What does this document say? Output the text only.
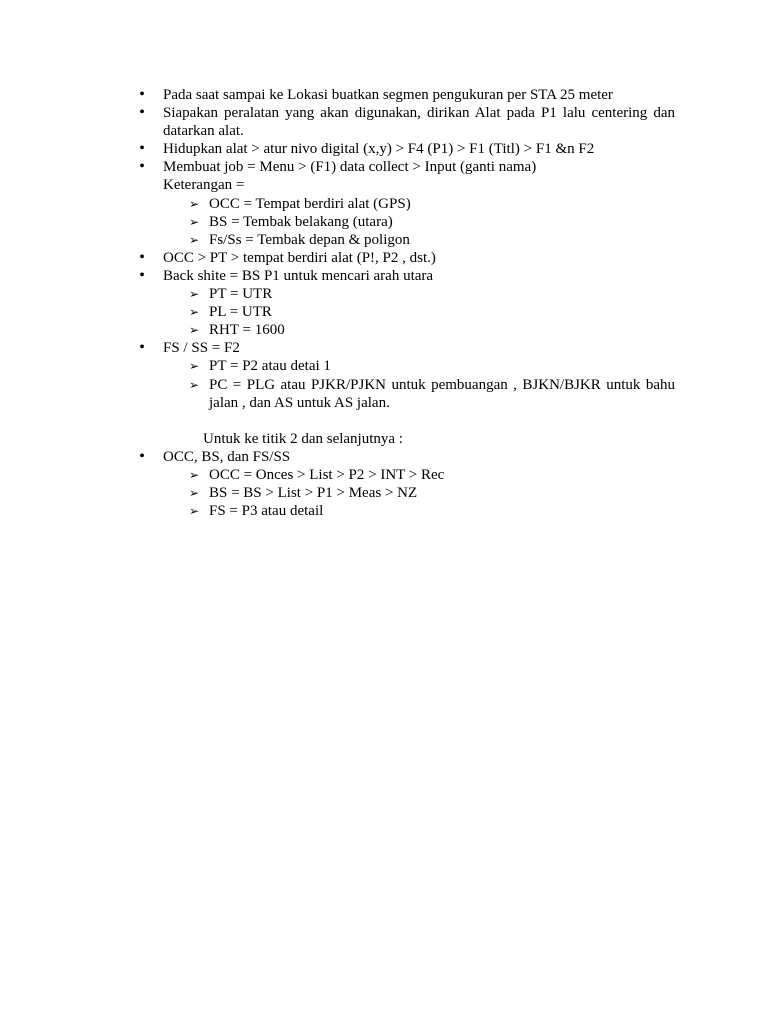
• Pada saat sampai ke Lokasi buatkan segmen pengukuran per STA 25 meter
• Siapakan peralatan yang akan digunakan, dirikan Alat pada P1 lalu centering dan datarkan alat.
• Hidupkan alat > atur nivo digital (x,y) > F4 (P1) > F1 (Titl) > F1 &n F2
• Membuat job = Menu > (F1) data collect > Input (ganti nama)
Keterangan =
➢ OCC = Tempat berdiri alat (GPS)
➢ BS = Tembak belakang (utara)
➢ Fs/Ss = Tembak depan & poligon
• OCC > PT > tempat berdiri alat (P!, P2 , dst.)
• Back shite = BS P1 untuk mencari arah utara
➢ PT = UTR
➢ PL = UTR
➢ RHT = 1600
• FS / SS = F2
➢ PT = P2 atau detai 1
➢ PC = PLG atau PJKR/PJKN untuk pembuangan , BJKN/BJKR untuk bahu jalan , dan AS untuk AS jalan.
Untuk ke titik 2 dan selanjutnya :
• OCC, BS, dan FS/SS
➢ OCC = Onces > List > P2 > INT > Rec
➢ BS = BS > List > P1 > Meas > NZ
➢ FS = P3 atau detail
